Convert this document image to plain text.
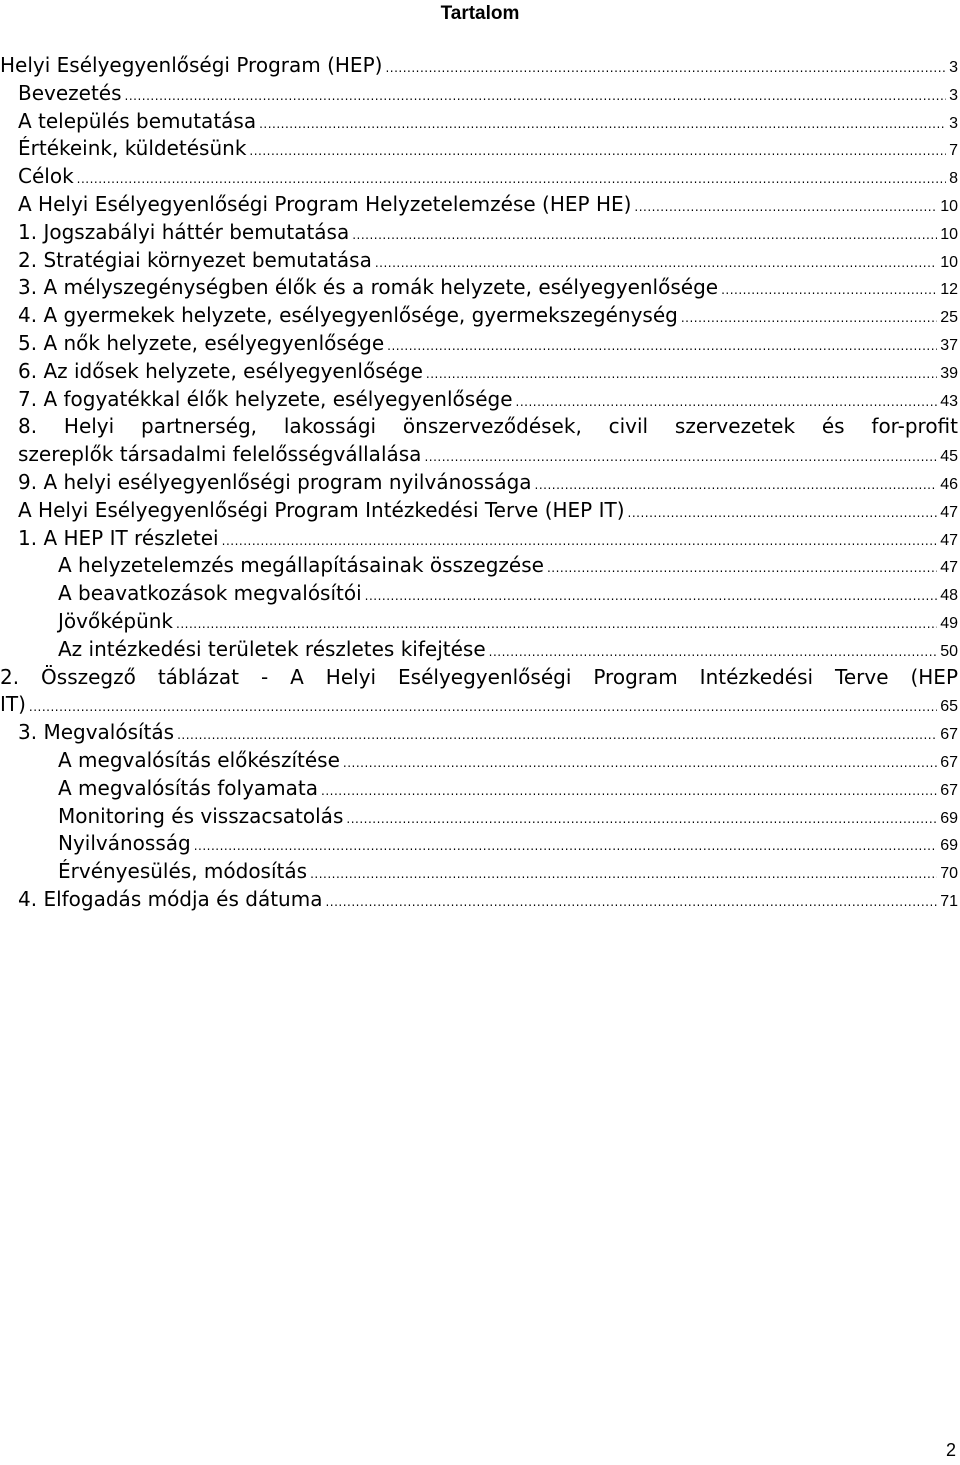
Tartalom
Helyi Esélyegyenlőségi Program (HEP) .....	3
Bevezetés .....	3
A település bemutatása .....	3
Értékeink, küldetésünk .....	7
Célok .....	8
A Helyi Esélyegyenlőségi Program Helyzetelemzése (HEP HE) .....	10
1. Jogszabályi háttér bemutatása .....	10
2. Stratégiai környezet bemutatása .....	10
3. A mélyszegénységben élők és a romák helyzete, esélyegyenlősége .....	12
4. A gyermekek helyzete, esélyegyenlősége, gyermekszegénység .....	25
5. A nők helyzete, esélyegyenlősége .....	37
6. Az idősek helyzete, esélyegyenlősége .....	39
7. A fogyatékkal élők helyzete, esélyegyenlősége .....	43
8. Helyi partnerség, lakossági önszerveződések, civil szervezetek és for-profit
szereplők társadalmi felelősségvállalása .....	45
9. A helyi esélyegyenlőségi program nyilvánossága .....	46
A Helyi Esélyegyenlőségi Program Intézkedési Terve (HEP IT) .....	47
1. A HEP IT részletei .....	47
A helyzetelemzés megállapításainak összegzése .....	47
A beavatkozások megvalósítói .....	48
Jövőképünk .....	49
Az intézkedési területek részletes kifejtése .....	50
2. Összegző táblázat - A Helyi Esélyegyenlőségi Program Intézkedési Terve (HEP
IT) .....	65
3. Megvalósítás .....	67
A megvalósítás előkészítése .....	67
A megvalósítás folyamata .....	67
Monitoring és visszacsatolás .....	69
Nyilvánosság .....	69
Érvényesülés, módosítás .....	70
4. Elfogadás módja és dátuma .....	71
2
